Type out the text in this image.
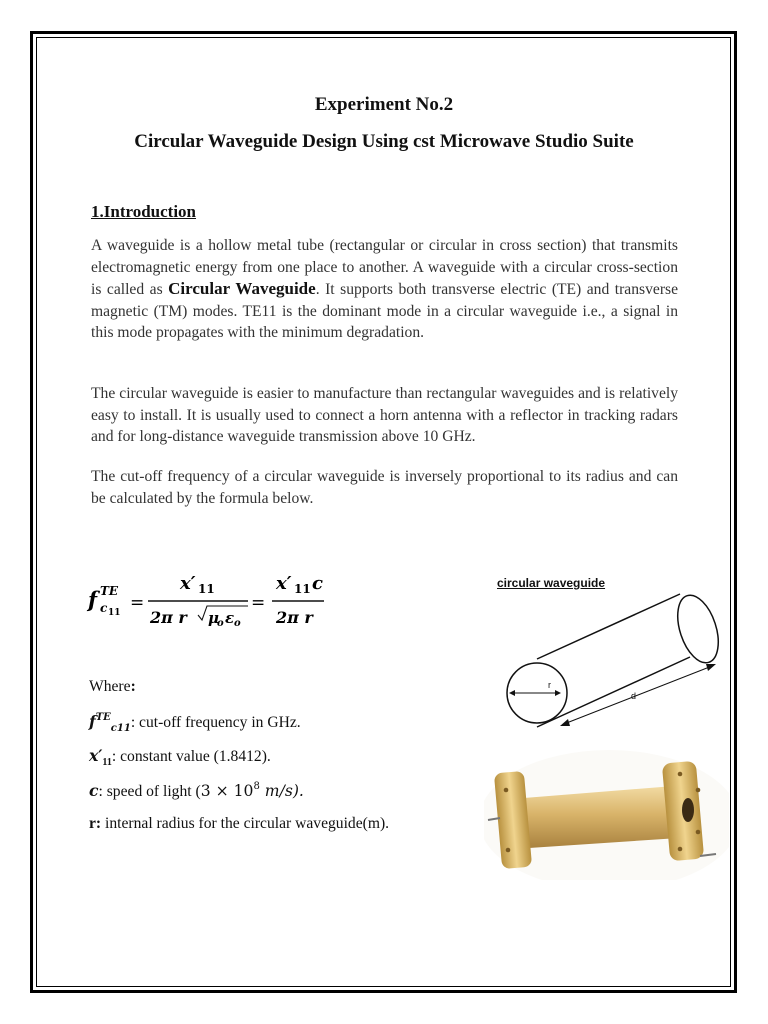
Experiment No.2
Circular Waveguide Design Using cst Microwave Studio Suite
1.Introduction

A waveguide is a hollow metal tube (rectangular or circular in cross section) that transmits electromagnetic energy from one place to another. A waveguide with a circular cross-section is called as Circular Waveguide. It supports both transverse electric (TE) and transverse magnetic (TM) modes. TE11 is the dominant mode in a circular waveguide i.e., a signal in this mode propagates with the minimum degradation.

The circular waveguide is easier to manufacture than rectangular waveguides and is relatively easy to install. It is usually used to connect a horn antenna with a reflector in tracking radars and for long-distance waveguide transmission above 10 GHz.

The cut-off frequency of a circular waveguide is inversely proportional to its radius and can be calculated by the formula below.

f TE
c 11 =
x′ 11
2π r μ
o ε o
=
x′ 11 c
2π r
circular waveguide
r
d
Where:
$f^{TE}_{c11}$: cut-off frequency in GHz.
$x'_{11}$: constant value (1.8412).
c: speed of light ($3 \times 10^8$ m/s).
r: internal radius for the circular waveguide(m).
